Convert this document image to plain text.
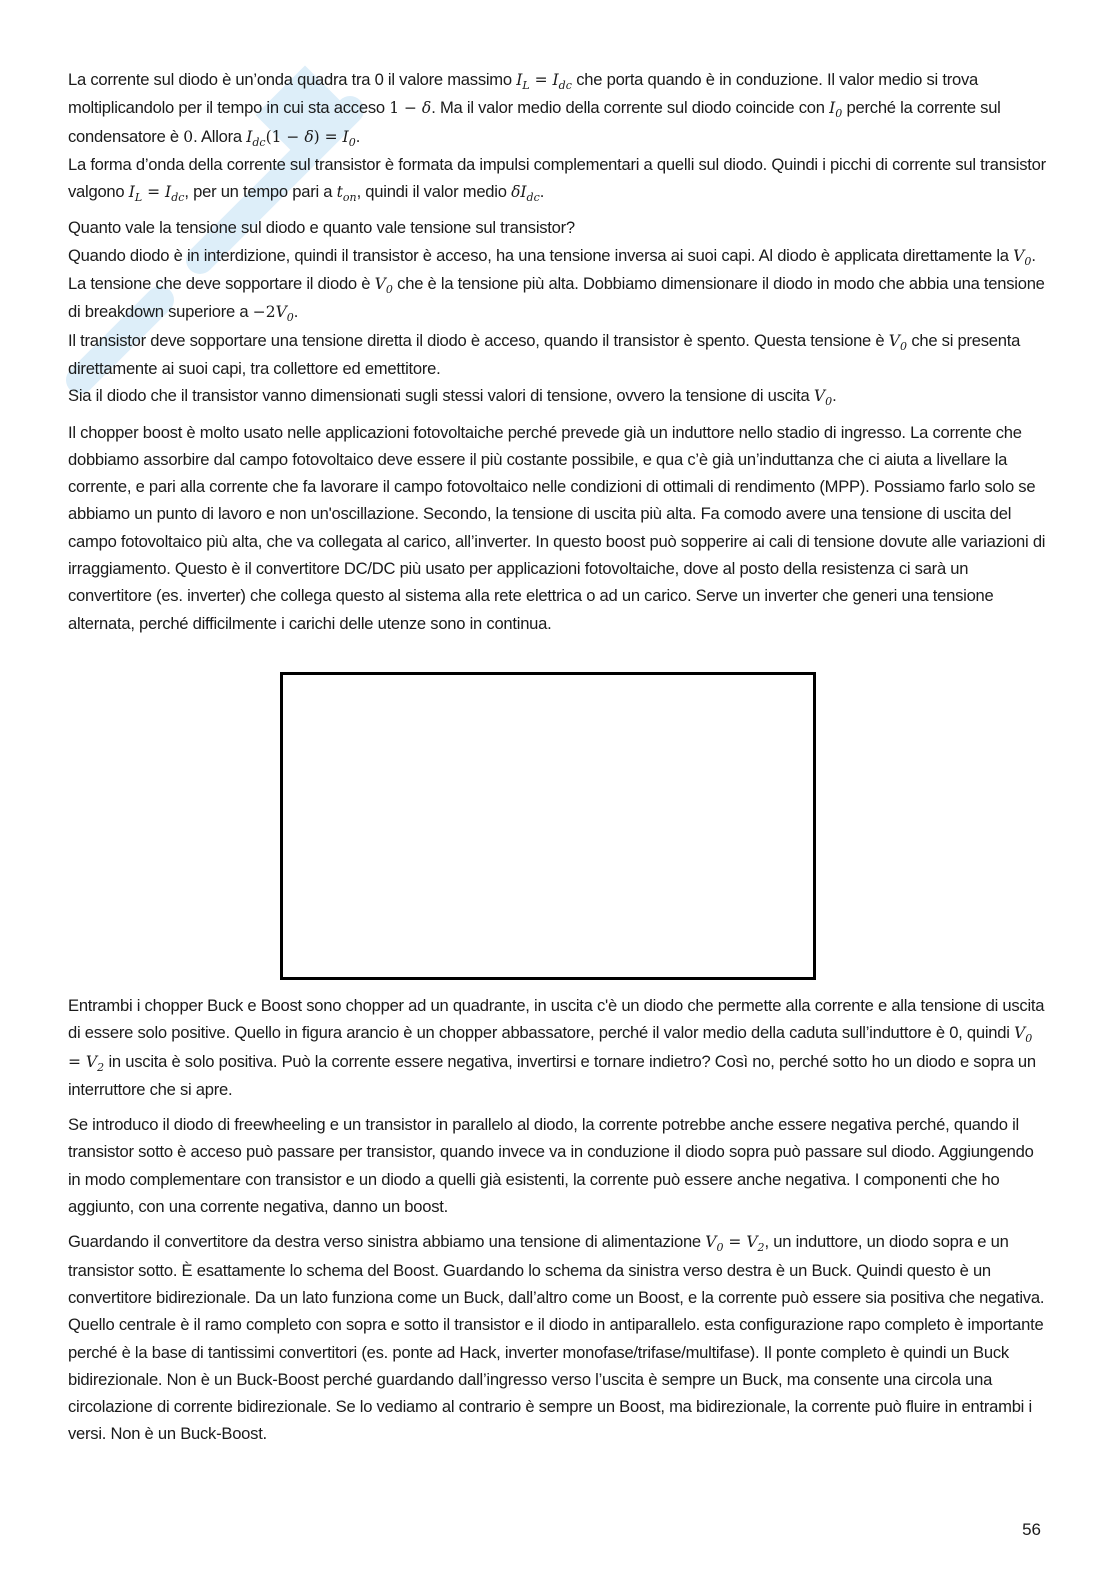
La corrente sul diodo è un’onda quadra tra 0 il valore massimo $I_L = I_{dc}$ che porta quando è in conduzione. Il valor medio si trova moltiplicandolo per il tempo in cui sta acceso 1 − δ. Ma il valor medio della corrente sul diodo coincide con $I_0$ perché la corrente sul condensatore è 0. Allora $I_{dc}(1 - \delta) = I_0$.
La forma d’onda della corrente sul transistor è formata da impulsi complementari a quelli sul diodo. Quindi i picchi di corrente sul transistor valgono $I_L = I_{dc}$, per un tempo pari a $t_{on}$, quindi il valor medio $\delta I_{dc}$.

Quanto vale la tensione sul diodo e quanto vale tensione sul transistor?
Quando diodo è in interdizione, quindi il transistor è acceso, ha una tensione inversa ai suoi capi. Al diodo è applicata direttamente la $V_0$. La tensione che deve sopportare il diodo è $V_0$ che è la tensione più alta. Dobbiamo dimensionare il diodo in modo che abbia una tensione di breakdown superiore $a -2V_0$.
Il transistor deve sopportare una tensione diretta il diodo è acceso, quando il transistor è spento. Questa tensione è $V_0$ che si presenta direttamente ai suoi capi, tra collettore ed emettitore.
Sia il diodo che il transistor vanno dimensionati sugli stessi valori di tensione, ovvero la tensione di uscita $V_0$.

Il chopper boost è molto usato nelle applicazioni fotovoltaiche perché prevede già un induttore nello stadio di ingresso. La corrente che dobbiamo assorbire dal campo fotovoltaico deve essere il più costante possibile, e qua c’è già un’induttanza che ci aiuta a livellare la corrente, e pari alla corrente che fa lavorare il campo fotovoltaico nelle condizioni di ottimali di rendimento (MPP). Possiamo farlo solo se abbiamo un punto di lavoro e non un'oscillazione. Secondo, la tensione di uscita più alta. Fa comodo avere una tensione di uscita del campo fotovoltaico più alta, che va collegata al carico, all’inverter. In questo boost può sopperire ai cali di tensione dovute alle variazioni di irraggiamento. Questo è il convertitore DC/DC più usato per applicazioni fotovoltaiche, dove al posto della resistenza ci sarà un convertitore (es. inverter) che collega questo al sistema alla rete elettrica o ad un carico. Serve un inverter che generi una tensione alternata, perché difficilmente i carichi delle utenze sono in continua.

Entrambi i chopper Buck e Boost sono chopper ad un quadrante, in uscita c'è un diodo che permette alla corrente e alla tensione di uscita di essere solo positive. Quello in figura arancio è un chopper abbassatore, perché il valor medio della caduta sull’induttore è 0, quindi $V_0 = V_2$ in uscita è solo positiva. Può la corrente essere negativa, invertirsi e tornare indietro? Così no, perché sotto ho un diodo e sopra un interruttore che si apre.

Se introduco il diodo di freewheeling e un transistor in parallelo al diodo, la corrente potrebbe anche essere negativa perché, quando il transistor sotto è acceso può passare per transistor, quando invece va in conduzione il diodo sopra può passare sul diodo. Aggiungendo in modo complementare con transistor e un diodo a quelli già esistenti, la corrente può essere anche negativa. I componenti che ho aggiunto, con una corrente negativa, danno un boost.

Guardando il convertitore da destra verso sinistra abbiamo una tensione di alimentazione $V_0 = V_2$, un induttore, un diodo sopra e un transistor sotto. È esattamente lo schema del Boost. Guardando lo schema da sinistra verso destra è un Buck. Quindi questo è un convertitore bidirezionale. Da un lato funziona come un Buck, dall’altro come un Boost, e la corrente può essere sia positiva che negativa. Quello centrale è il ramo completo con sopra e sotto il transistor e il diodo in antiparallelo. esta configurazione rapo completo è importante perché è la base di tantissimi convertitori (es. ponte ad Hack, inverter monofase/trifase/multifase). Il ponte completo è quindi un Buck bidirezionale. Non è un Buck-Boost perché guardando dall’ingresso verso l’uscita è sempre un Buck, ma consente una circola una circolazione di corrente bidirezionale. Se lo vediamo al contrario è sempre un Boost, ma bidirezionale, la corrente può fluire in entrambi i versi. Non è un Buck-Boost.

56
